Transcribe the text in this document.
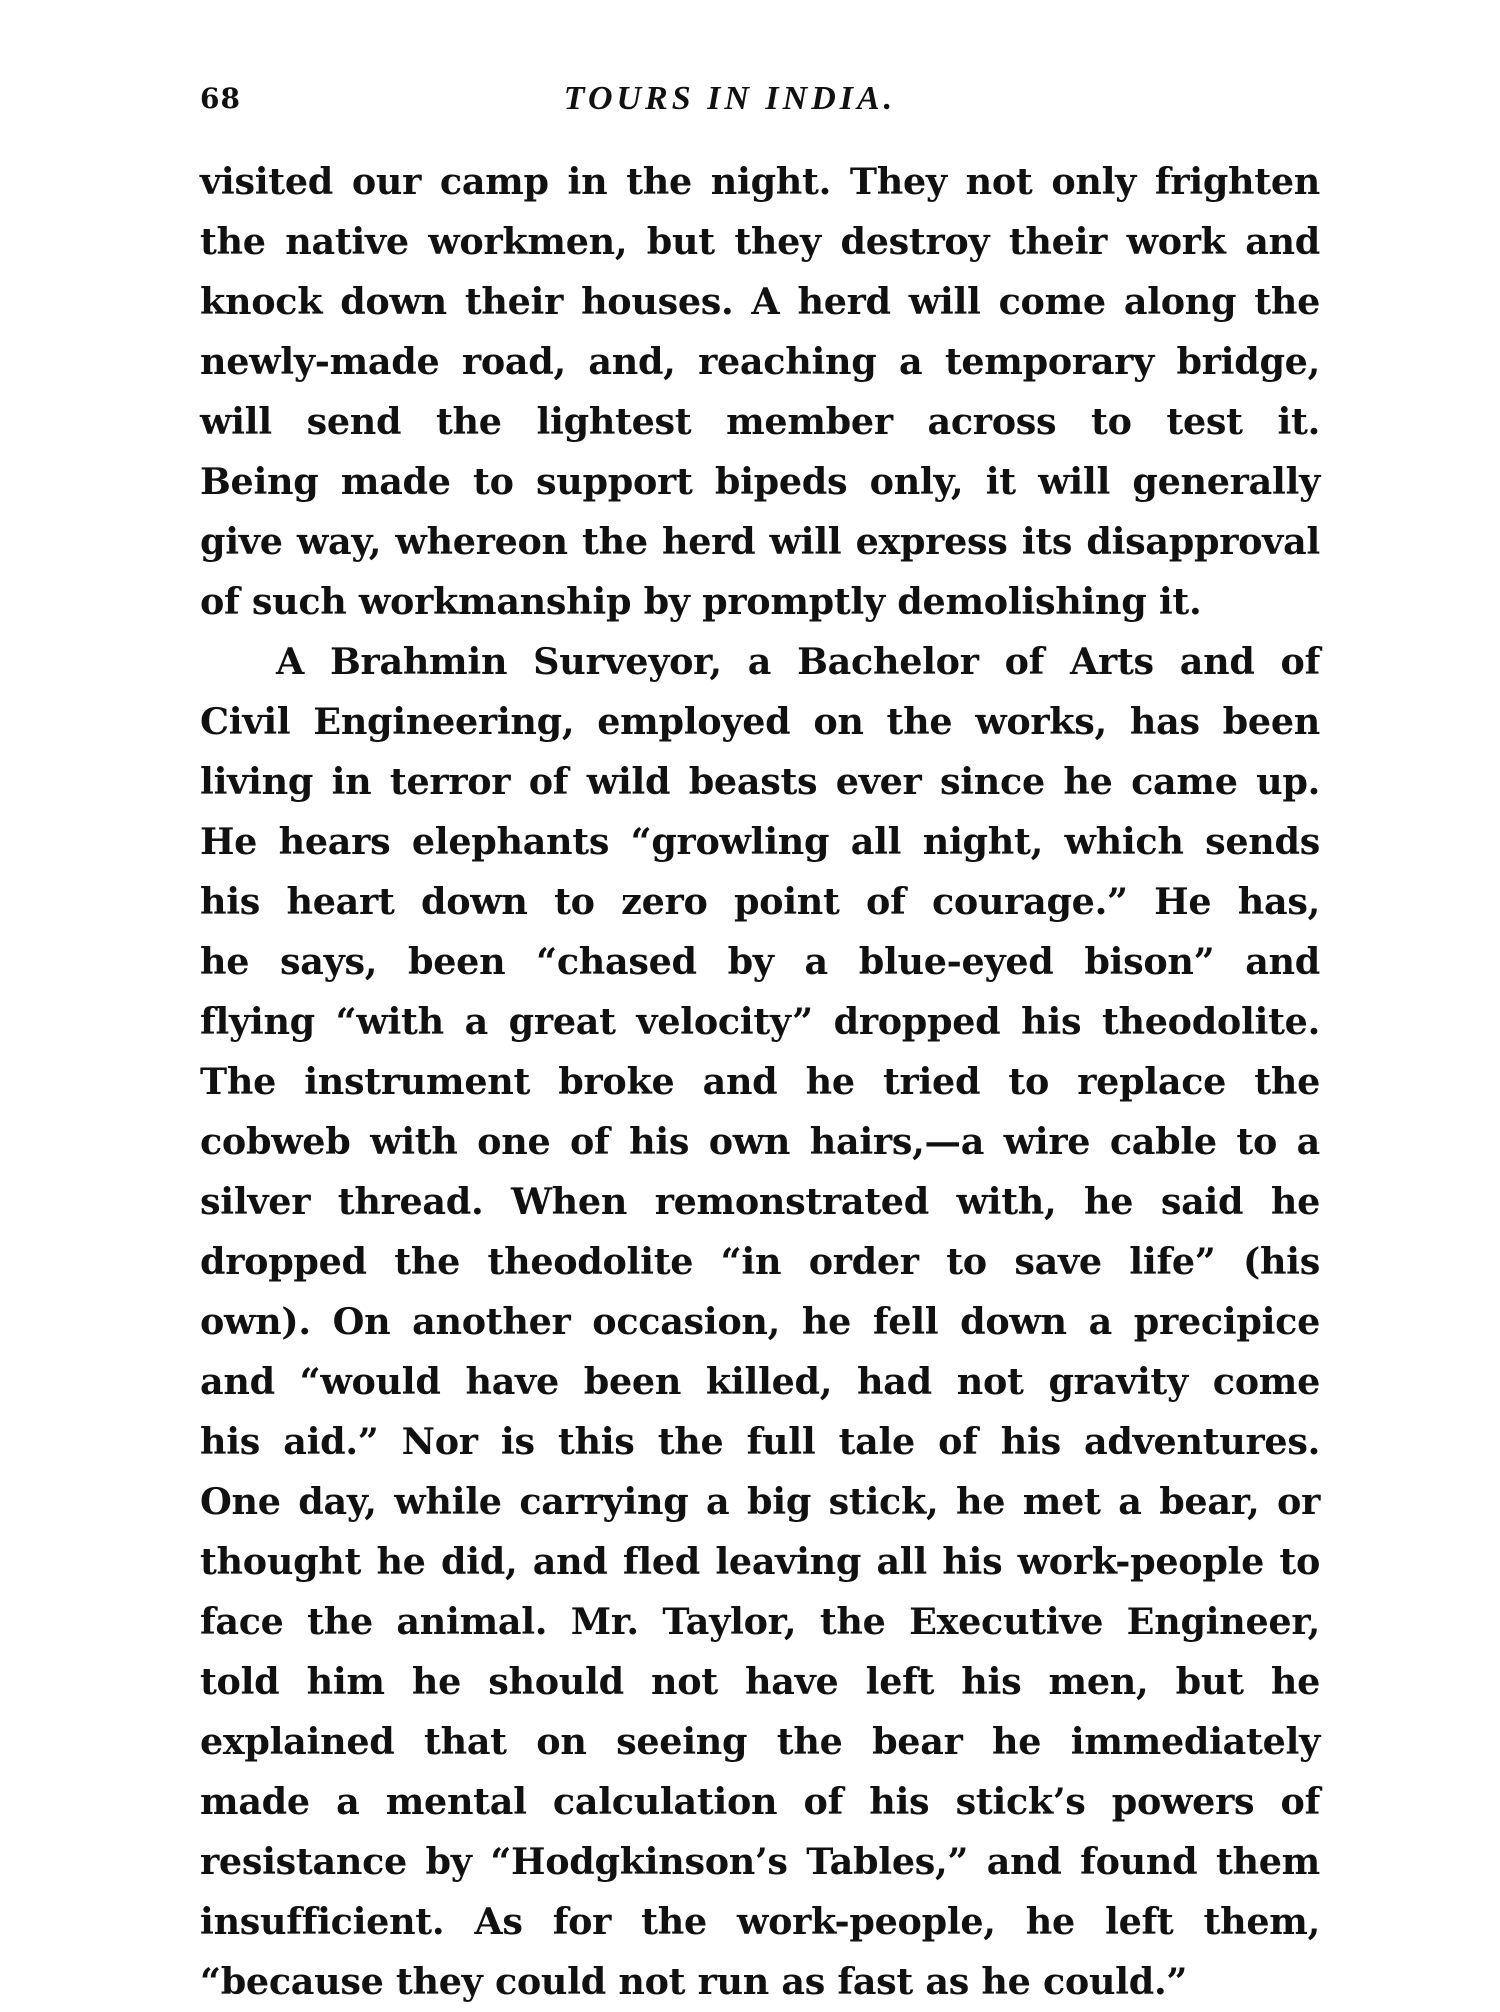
68	TOURS IN INDIA.
visited our camp in the night. They not only frighten
the native workmen, but they destroy their work and
knock down their houses. A herd will come along the
newly-made road, and, reaching a temporary bridge,
will send the lightest member across to test it.
Being made to support bipeds only, it will generally
give way, whereon the herd will express its disapproval
of such workmanship by promptly demolishing it.
A Brahmin Surveyor, a Bachelor of Arts and of
Civil Engineering, employed on the works, has been
living in terror of wild beasts ever since he came up.
He hears elephants “growling all night, which sends
his heart down to zero point of courage.” He has,
he says, been “chased by a blue-eyed bison” and
flying “with a great velocity” dropped his theodolite.
The instrument broke and he tried to replace the
cobweb with one of his own hairs,—a wire cable to a
silver thread. When remonstrated with, he said he
dropped the theodolite “in order to save life” (his
own). On another occasion, he fell down a precipice
and “would have been killed, had not gravity come
his aid.” Nor is this the full tale of his adventures.
One day, while carrying a big stick, he met a bear, or
thought he did, and fled leaving all his work-people to
face the animal. Mr. Taylor, the Executive Engineer,
told him he should not have left his men, but he
explained that on seeing the bear he immediately
made a mental calculation of his stick’s powers of
resistance by “Hodgkinson’s Tables,” and found them
insufficient. As for the work-people, he left them,
“because they could not run as fast as he could.”
